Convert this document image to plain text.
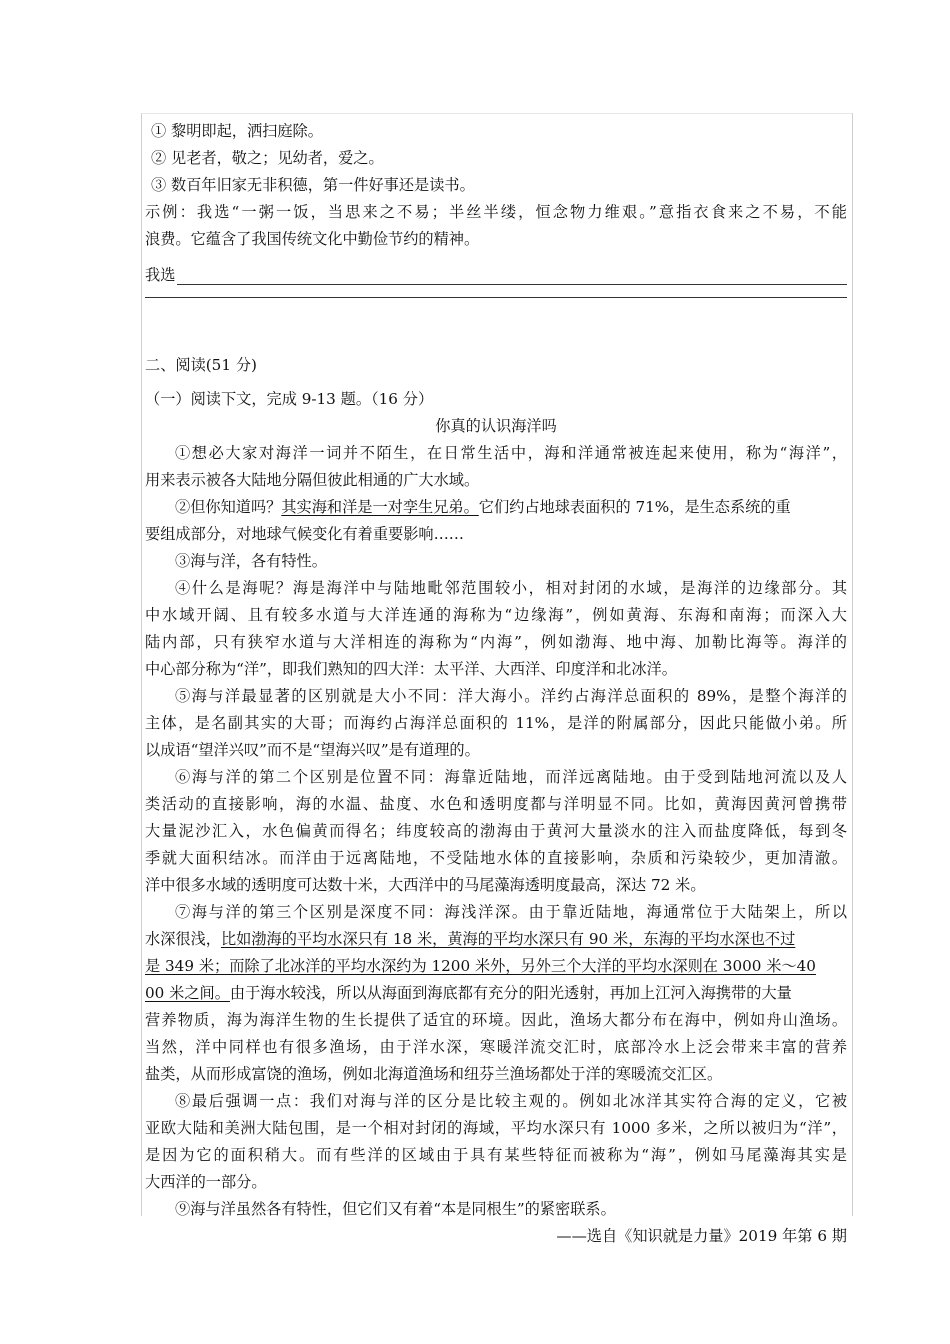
① 黎明即起，洒扫庭除。
② 见老者，敬之；见幼者，爱之。
③ 数百年旧家无非积德，第一件好事还是读书。
示例：我选“一粥一饭，当思来之不易；半丝半缕，恒念物力维艰。”意指衣食来之不易，不能
浪费。它蕴含了我国传统文化中勤俭节约的精神。
我选
二、阅读(51 分)
（一）阅读下文，完成 9-13 题。（16 分）
你真的认识海洋吗
①想必大家对海洋一词并不陌生，在日常生活中，海和洋通常被连起来使用，称为“海洋”，
用来表示被各大陆地分隔但彼此相通的广大水域。
②但你知道吗？其实海和洋是一对孪生兄弟。它们约占地球表面积的 71%，是生态系统的重
要组成部分，对地球气候变化有着重要影响……
③海与洋，各有特性。
④什么是海呢？海是海洋中与陆地毗邻范围较小，相对封闭的水域，是海洋的边缘部分。其
中水域开阔、且有较多水道与大洋连通的海称为“边缘海”，例如黄海、东海和南海；而深入大
陆内部，只有狭窄水道与大洋相连的海称为“内海”，例如渤海、地中海、加勒比海等。海洋的
中心部分称为“洋”，即我们熟知的四大洋：太平洋、大西洋、印度洋和北冰洋。
⑤海与洋最显著的区别就是大小不同：洋大海小。洋约占海洋总面积的 89%，是整个海洋的
主体，是名副其实的大哥；而海约占海洋总面积的 11%，是洋的附属部分，因此只能做小弟。所
以成语“望洋兴叹”而不是“望海兴叹”是有道理的。
⑥海与洋的第二个区别是位置不同：海靠近陆地，而洋远离陆地。由于受到陆地河流以及人
类活动的直接影响，海的水温、盐度、水色和透明度都与洋明显不同。比如，黄海因黄河曾携带
大量泥沙汇入，水色偏黄而得名；纬度较高的渤海由于黄河大量淡水的注入而盐度降低，每到冬
季就大面积结冰。而洋由于远离陆地，不受陆地水体的直接影响，杂质和污染较少，更加清澈。
洋中很多水域的透明度可达数十米，大西洋中的马尾藻海透明度最高，深达 72 米。
⑦海与洋的第三个区别是深度不同：海浅洋深。由于靠近陆地，海通常位于大陆架上，所以
水深很浅，比如渤海的平均水深只有 18 米，黄海的平均水深只有 90 米，东海的平均水深也不过
是 349 米；而除了北冰洋的平均水深约为 1200 米外，另外三个大洋的平均水深则在 3000 米～40
00 米之间。由于海水较浅，所以从海面到海底都有充分的阳光透射，再加上江河入海携带的大量
营养物质，海为海洋生物的生长提供了适宜的环境。因此，渔场大都分布在海中，例如舟山渔场。
当然，洋中同样也有很多渔场，由于洋水深，寒暖洋流交汇时，底部冷水上泛会带来丰富的营养
盐类，从而形成富饶的渔场，例如北海道渔场和纽芬兰渔场都处于洋的寒暖流交汇区。
⑧最后强调一点：我们对海与洋的区分是比较主观的。例如北冰洋其实符合海的定义，它被
亚欧大陆和美洲大陆包围，是一个相对封闭的海域，平均水深只有 1000 多米，之所以被归为“洋”，
是因为它的面积稍大。而有些洋的区域由于具有某些特征而被称为“海”，例如马尾藻海其实是
大西洋的一部分。
⑨海与洋虽然各有特性，但它们又有着“本是同根生”的紧密联系。
——选自《知识就是力量》2019 年第 6 期
